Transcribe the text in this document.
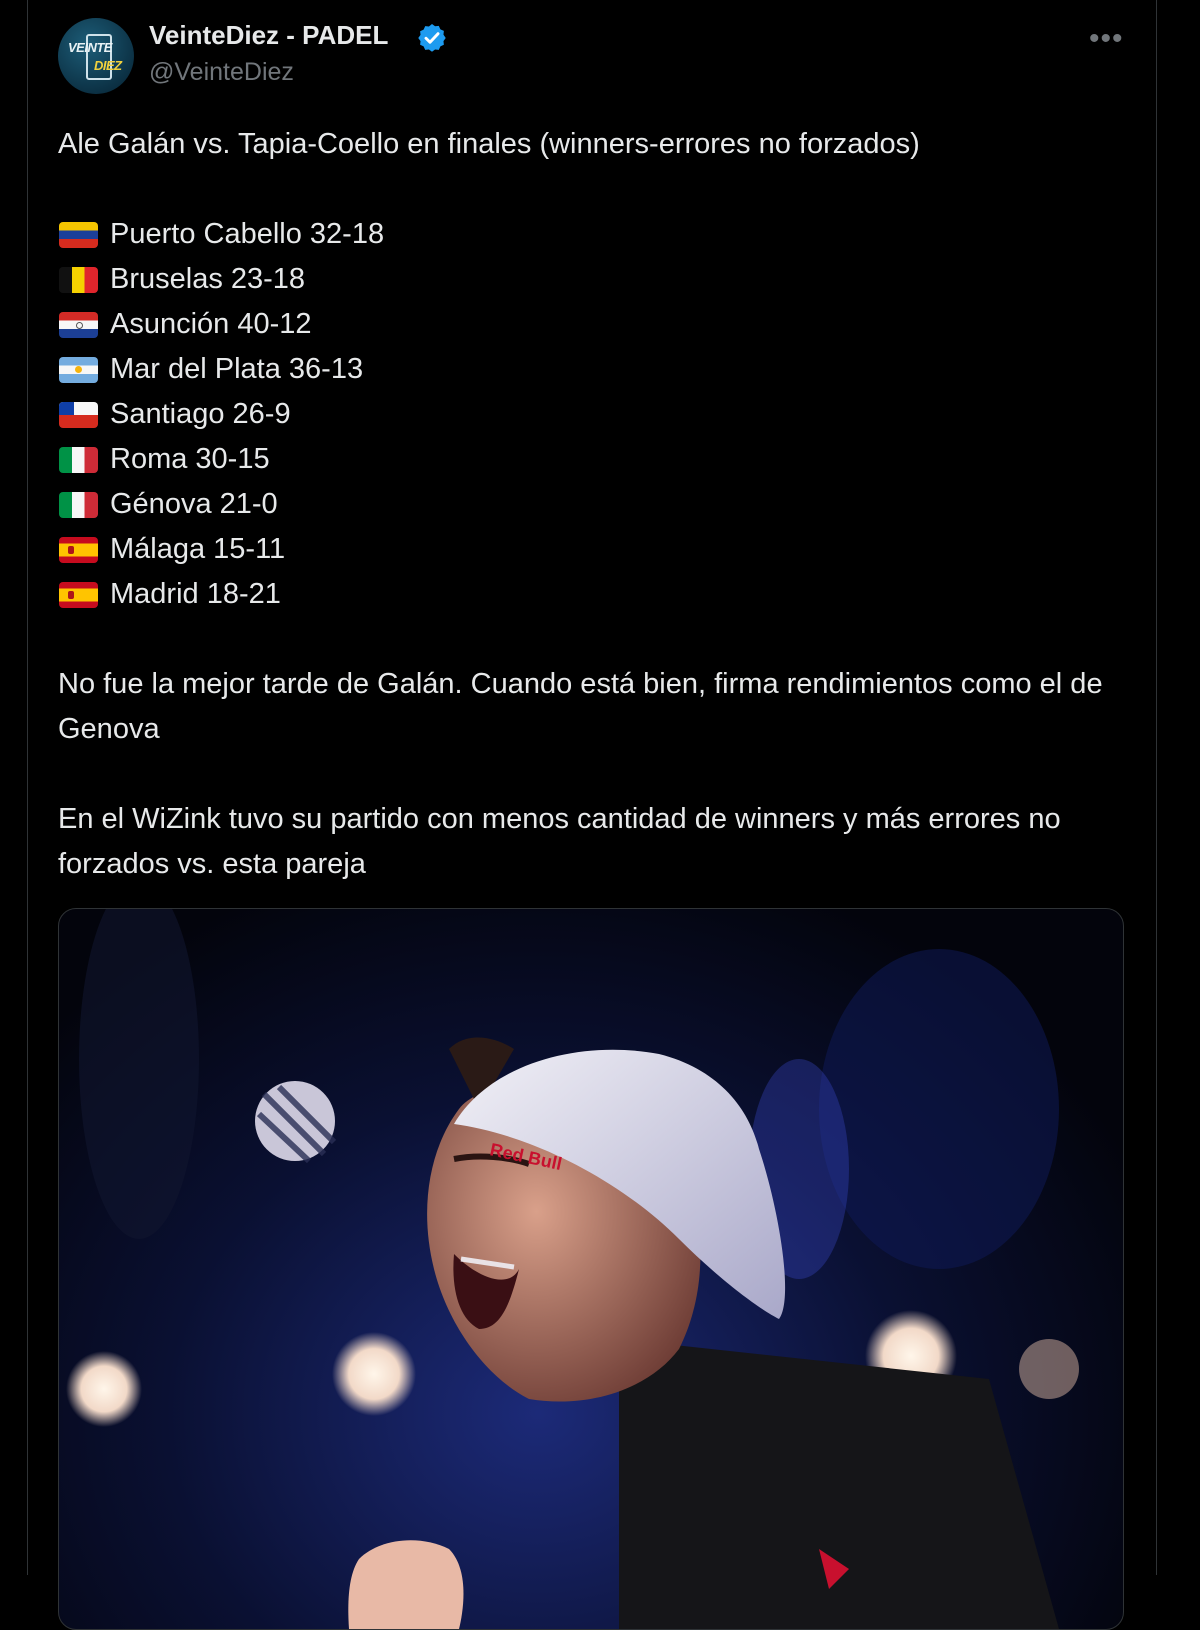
VEINTE
DIEZ
VeinteDiez - PADEL
@VeinteDiez
•••

Ale Galán vs. Tapia-Coello en finales (winners-errores no forzados)

Puerto Cabello 32-18
Bruselas 23-18
Asunción 40-12
Mar del Plata 36-13
Santiago 26-9
Roma 30-15
Génova 21-0
Málaga 15-11
Madrid 18-21

No fue la mejor tarde de Galán. Cuando está bien, firma rendimientos como el de Genova

En el WiZink tuvo su partido con menos cantidad de winners y más errores no forzados vs. esta pareja

Red Bull
